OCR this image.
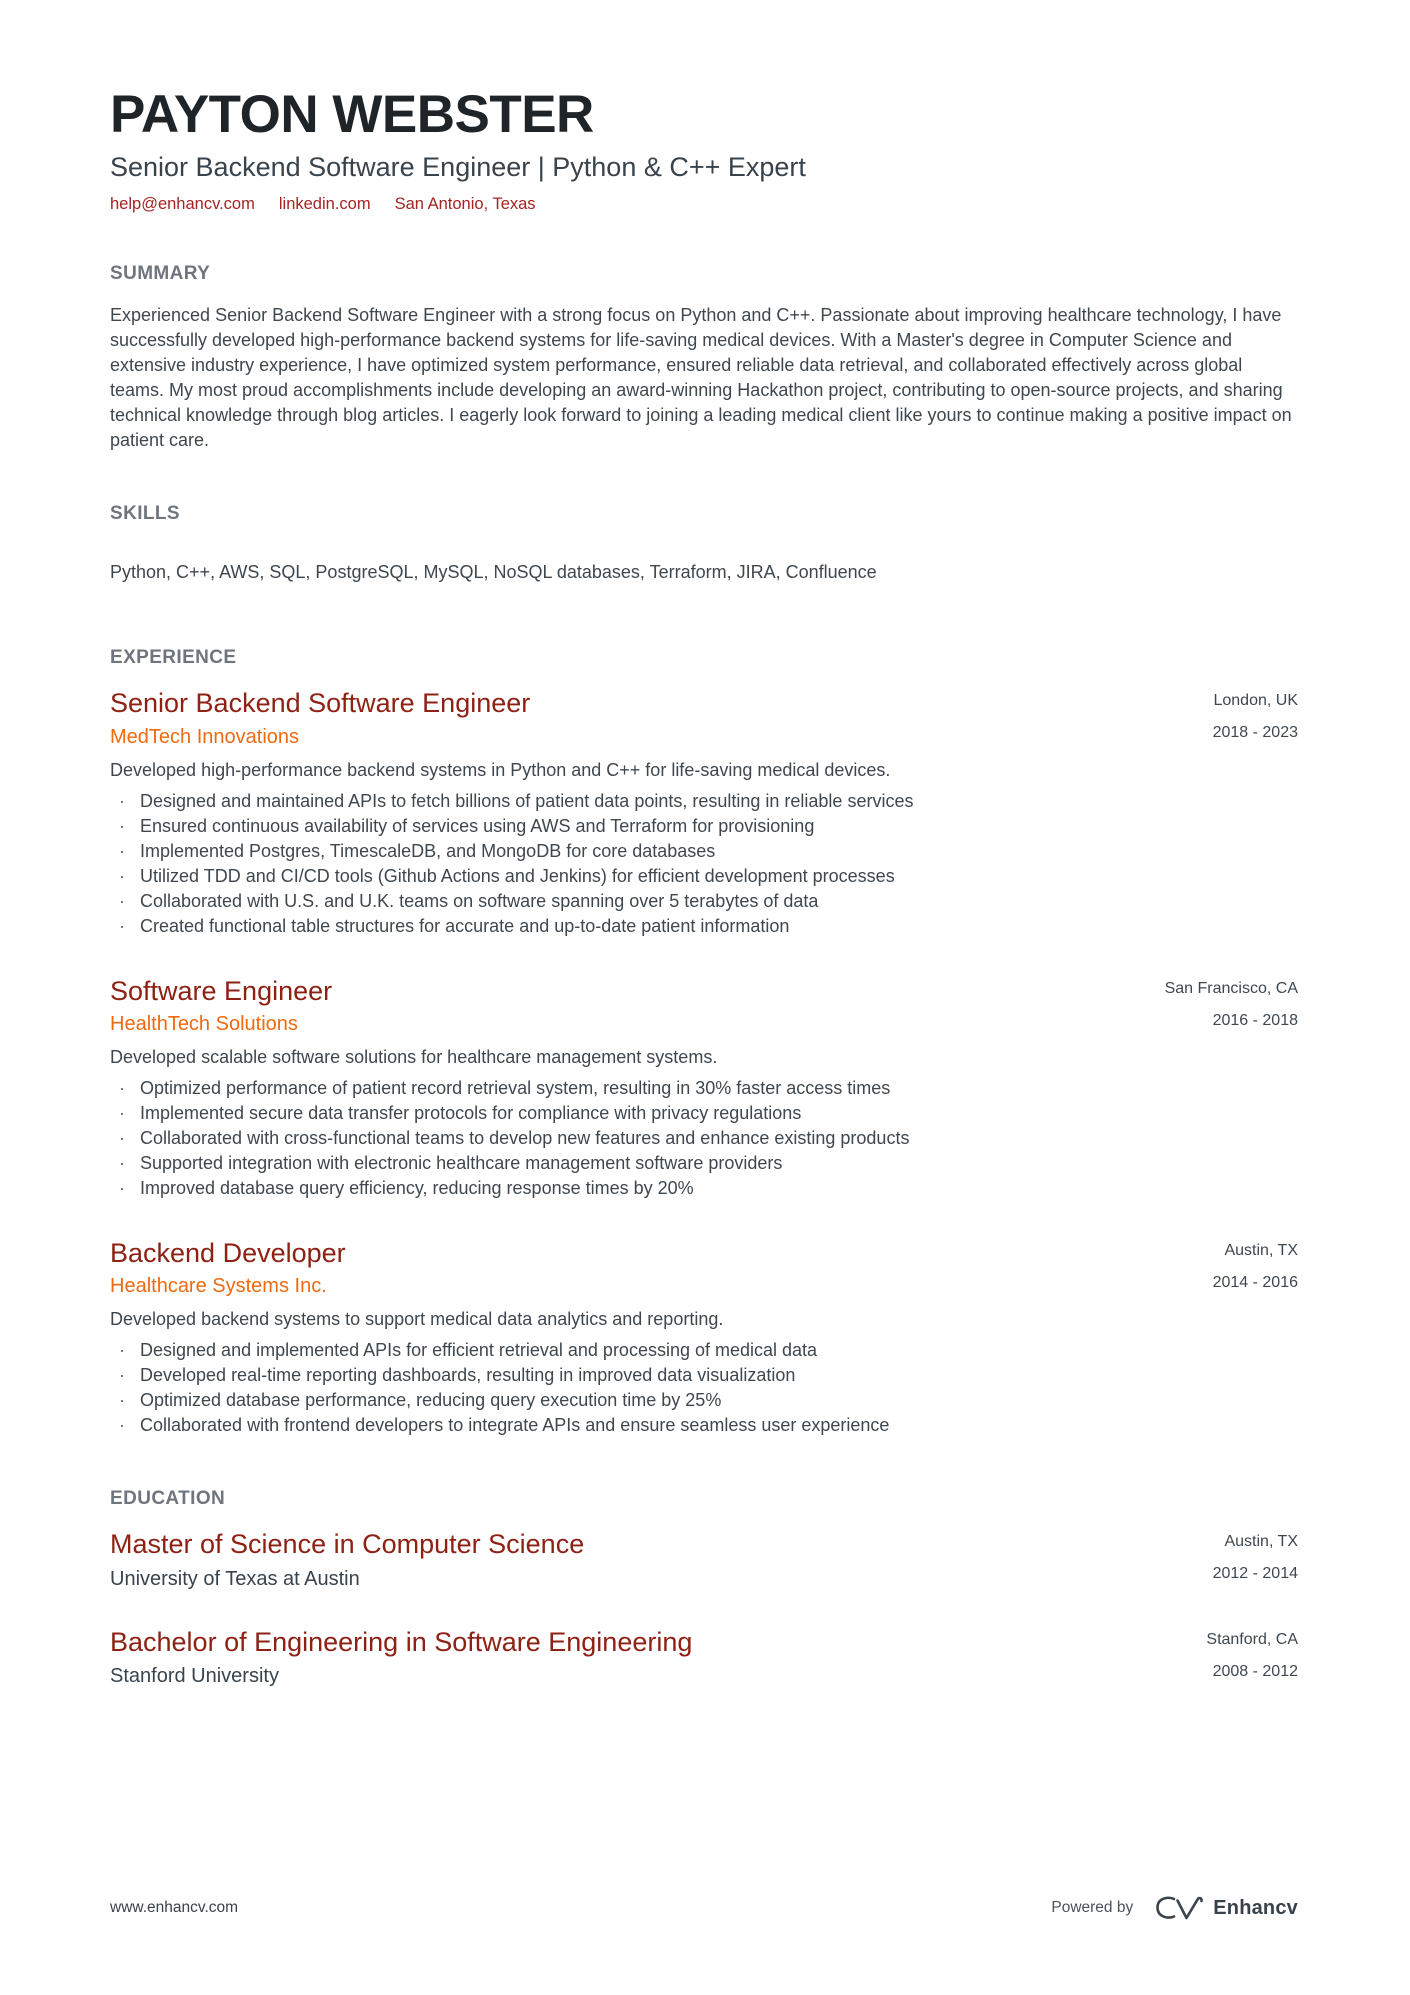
PAYTON WEBSTER
Senior Backend Software Engineer | Python & C++ Expert
help@enhancv.com linkedin.com San Antonio, Texas
SUMMARY
Experienced Senior Backend Software Engineer with a strong focus on Python and C++. Passionate about improving healthcare technology, I have successfully developed high-performance backend systems for life-saving medical devices. With a Master's degree in Computer Science and extensive industry experience, I have optimized system performance, ensured reliable data retrieval, and collaborated effectively across global teams. My most proud accomplishments include developing an award-winning Hackathon project, contributing to open-source projects, and sharing technical knowledge through blog articles. I eagerly look forward to joining a leading medical client like yours to continue making a positive impact on patient care.
SKILLS
Python, C++, AWS, SQL, PostgreSQL, MySQL, NoSQL databases, Terraform, JIRA, Confluence
EXPERIENCE
Senior Backend Software Engineer
MedTech Innovations
Developed high-performance backend systems in Python and C++ for life-saving medical devices.
· Designed and maintained APIs to fetch billions of patient data points, resulting in reliable services
· Ensured continuous availability of services using AWS and Terraform for provisioning
· Implemented Postgres, TimescaleDB, and MongoDB for core databases
· Utilized TDD and CI/CD tools (Github Actions and Jenkins) for efficient development processes
· Collaborated with U.S. and U.K. teams on software spanning over 5 terabytes of data
· Created functional table structures for accurate and up-to-date patient information
London, UK
2018 - 2023
Software Engineer
HealthTech Solutions
Developed scalable software solutions for healthcare management systems.
· Optimized performance of patient record retrieval system, resulting in 30% faster access times
· Implemented secure data transfer protocols for compliance with privacy regulations
· Collaborated with cross-functional teams to develop new features and enhance existing products
· Supported integration with electronic healthcare management software providers
· Improved database query efficiency, reducing response times by 20%
San Francisco, CA
2016 - 2018
Backend Developer
Healthcare Systems Inc.
Developed backend systems to support medical data analytics and reporting.
· Designed and implemented APIs for efficient retrieval and processing of medical data
· Developed real-time reporting dashboards, resulting in improved data visualization
· Optimized database performance, reducing query execution time by 25%
· Collaborated with frontend developers to integrate APIs and ensure seamless user experience
Austin, TX
2014 - 2016
EDUCATION
Master of Science in Computer Science
University of Texas at Austin
Austin, TX
2012 - 2014
Bachelor of Engineering in Software Engineering
Stanford University
Stanford, CA
2008 - 2012
www.enhancv.com	Powered by	Enhancv
